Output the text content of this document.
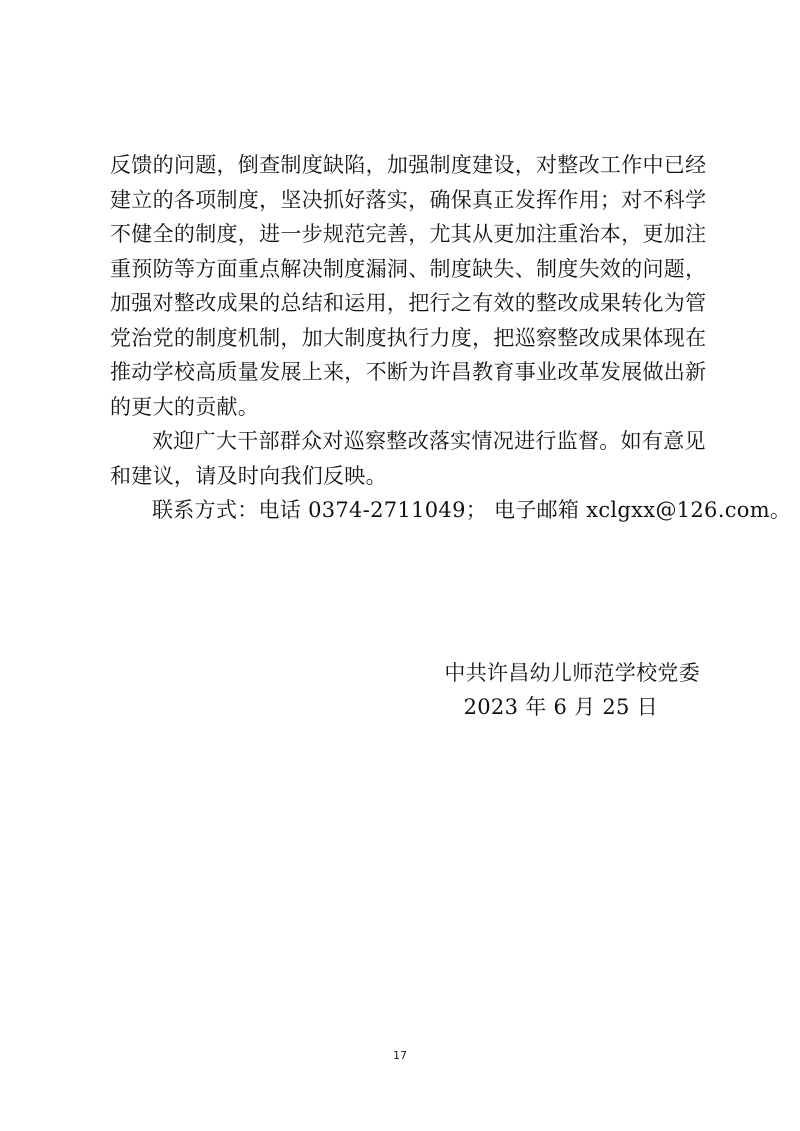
反馈的问题，倒查制度缺陷，加强制度建设，对整改工作中已经
建立的各项制度，坚决抓好落实，确保真正发挥作用；对不科学
不健全的制度，进一步规范完善，尤其从更加注重治本，更加注
重预防等方面重点解决制度漏洞、制度缺失、制度失效的问题，
加强对整改成果的总结和运用，把行之有效的整改成果转化为管
党治党的制度机制，加大制度执行力度，把巡察整改成果体现在
推动学校高质量发展上来，不断为许昌教育事业改革发展做出新
的更大的贡献。
欢迎广大干部群众对巡察整改落实情况进行监督。如有意见
和建议，请及时向我们反映。
联系方式：电话 0374-2711049； 电子邮箱 xclgxx@126.com。
中共许昌幼儿师范学校党委
2023 年 6 月 25 日
17
